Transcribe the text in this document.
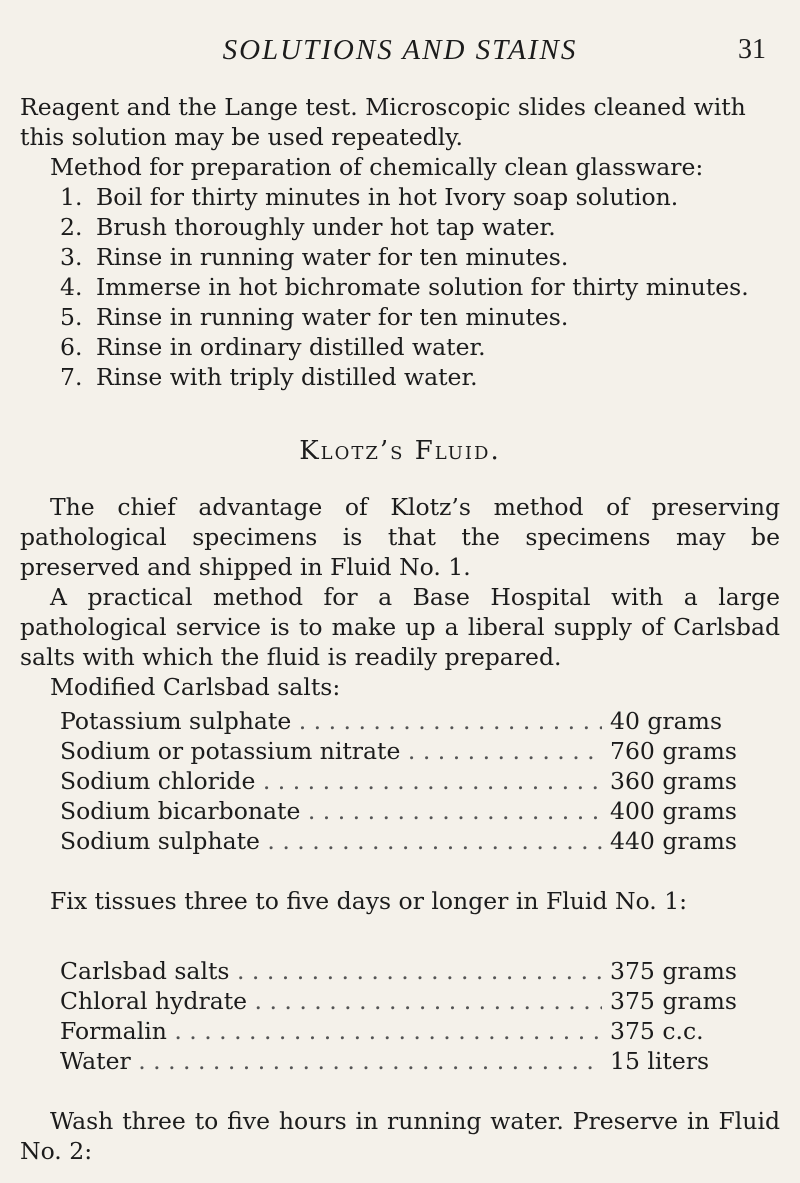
SOLUTIONS AND STAINS	31

Reagent and the Lange test. Microscopic slides cleaned with

this solution may be used repeatedly.

Method for preparation of chemically clean glassware:

1. Boil for thirty minutes in hot Ivory soap solution.
2. Brush thoroughly under hot tap water.
3. Rinse in running water for ten minutes.
4. Immerse in hot bichromate solution for thirty minutes.
5. Rinse in running water for ten minutes.
6. Rinse in ordinary distilled water.
7. Rinse with triply distilled water.
Klotz’s Fluid.

The chief advantage of Klotz’s method of preserving pathological specimens is that the specimens may be preserved and shipped in Fluid No. 1.

A practical method for a Base Hospital with a large pathological service is to make up a liberal supply of Carlsbad salts with which the fluid is readily prepared.

Modified Carlsbad salts:

Potassium sulphate . . .	40 grams
Sodium or potassium nitrate . . .	760 grams
Sodium chloride . . .	360 grams
Sodium bicarbonate . . .	400 grams
Sodium sulphate . . .	440 grams

Fix tissues three to five days or longer in Fluid No. 1:

Carlsbad salts . . .	375 grams
Chloral hydrate . . .	375 grams
Formalin . . .	375 c.c.
Water . . .	15 liters

Wash three to five hours in running water. Preserve in Fluid No. 2:
